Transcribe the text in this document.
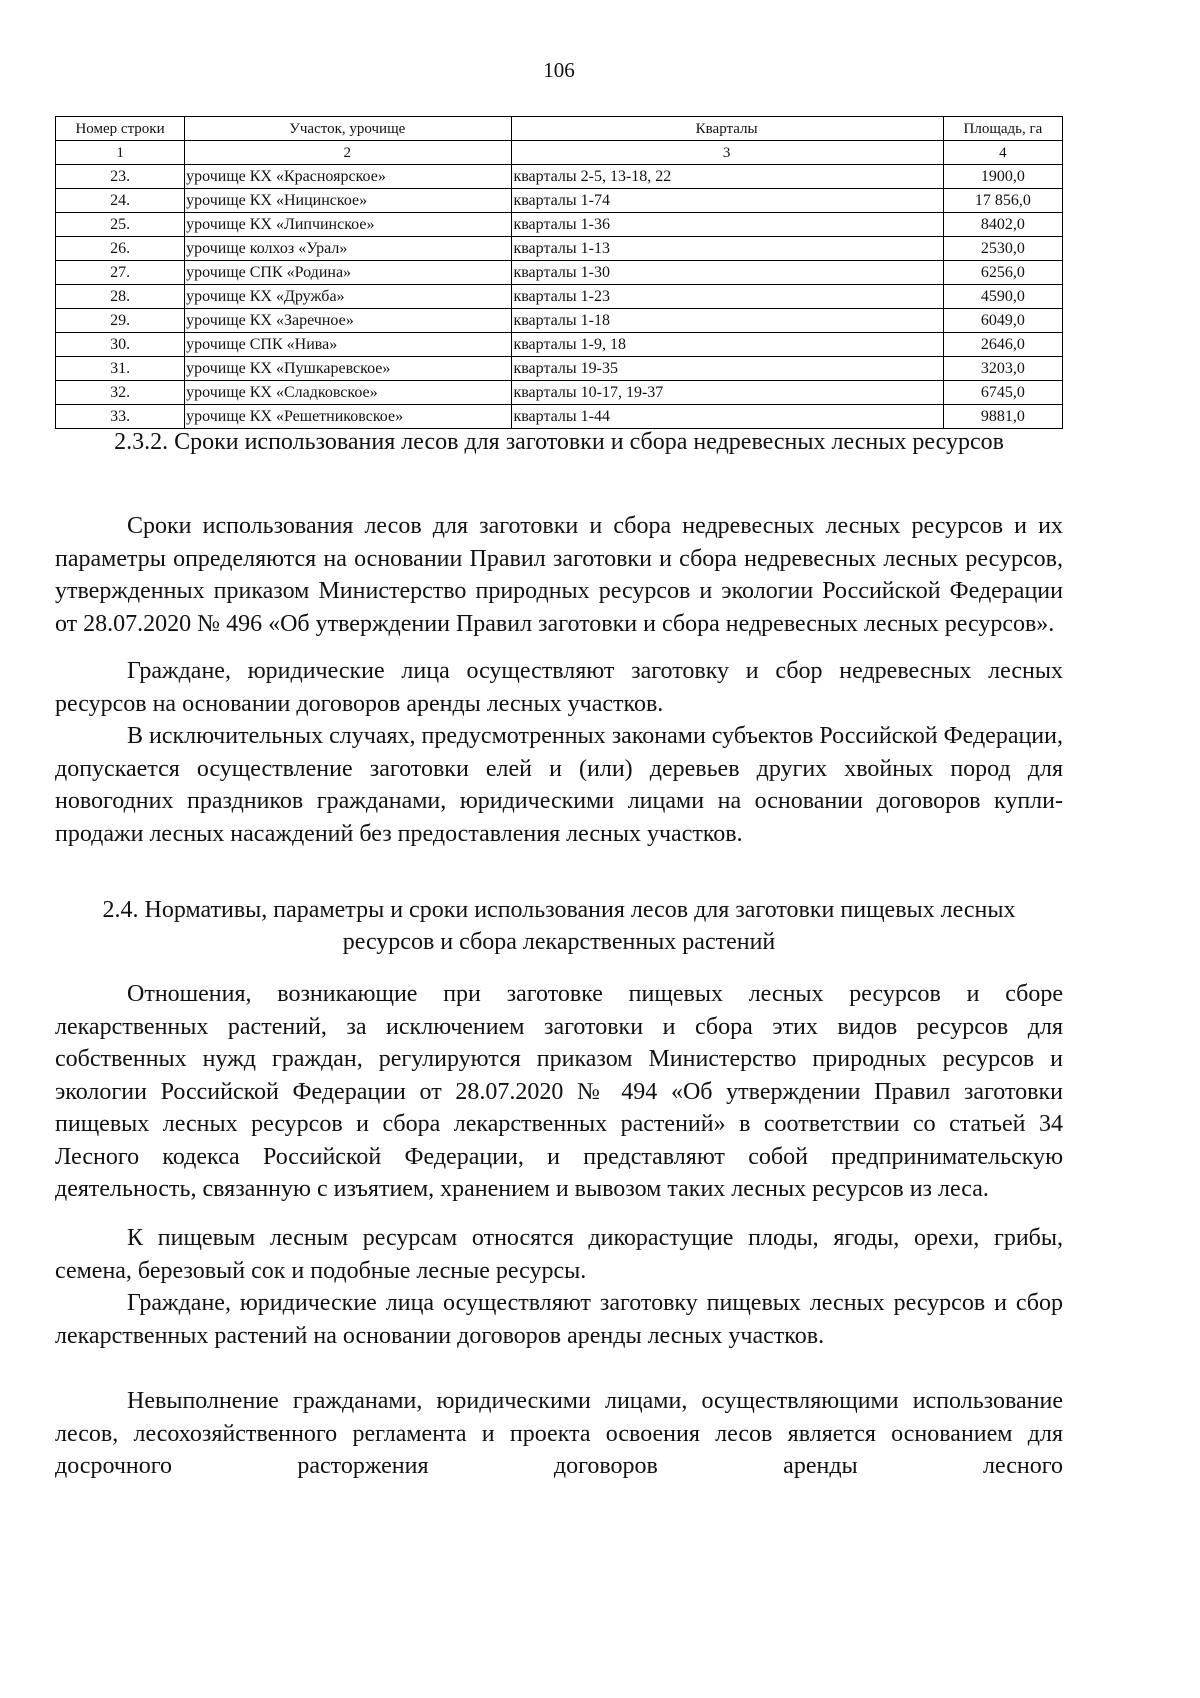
106
Номер строки	Участок, урочище	Кварталы	Площадь, га
1	2	3	4
23.	урочище КХ «Красноярское»	кварталы 2-5, 13-18, 22	1900,0
24.	урочище КХ «Ницинское»	кварталы 1-74	17 856,0
25.	урочище КХ «Липчинское»	кварталы 1-36	8402,0
26.	урочище колхоз «Урал»	кварталы 1-13	2530,0
27.	урочище СПК «Родина»	кварталы 1-30	6256,0
28.	урочище КХ «Дружба»	кварталы 1-23	4590,0
29.	урочище КХ «Заречное»	кварталы 1-18	6049,0
30.	урочище СПК «Нива»	кварталы 1-9, 18	2646,0
31.	урочище КХ «Пушкаревское»	кварталы 19-35	3203,0
32.	урочище КХ «Сладковское»	кварталы 10-17, 19-37	6745,0
33.	урочище КХ «Решетниковское»	кварталы 1-44	9881,0
2.3.2. Сроки использования лесов для заготовки и сбора недревесных лесных ресурсов
Сроки использования лесов для заготовки и сбора недревесных лесных ресурсов и их параметры определяются на основании Правил заготовки и сбора недревесных лесных ресурсов, утвержденных приказом Министерство природных ресурсов и экологии Российской Федерации от 28.07.2020 № 496 «Об утверждении Правил заготовки и сбора недревесных лесных ресурсов».
Граждане, юридические лица осуществляют заготовку и сбор недревесных лесных ресурсов на основании договоров аренды лесных участков.
В исключительных случаях, предусмотренных законами субъектов Российской Федерации, допускается осуществление заготовки елей и (или) деревьев других хвойных пород для новогодних праздников гражданами, юридическими лицами на основании договоров купли-продажи лесных насаждений без предоставления лесных участков.
2.4. Нормативы, параметры и сроки использования лесов для заготовки пищевых лесных ресурсов и сбора лекарственных растений
Отношения, возникающие при заготовке пищевых лесных ресурсов и сборе лекарственных растений, за исключением заготовки и сбора этих видов ресурсов для собственных нужд граждан, регулируются приказом Министерство природных ресурсов и экологии Российской Федерации от 28.07.2020 № 494 «Об утверждении Правил заготовки пищевых лесных ресурсов и сбора лекарственных растений» в соответствии со статьей 34 Лесного кодекса Российской Федерации, и представляют собой предпринимательскую деятельность, связанную с изъятием, хранением и вывозом таких лесных ресурсов из леса.
К пищевым лесным ресурсам относятся дикорастущие плоды, ягоды, орехи, грибы, семена, березовый сок и подобные лесные ресурсы.
Граждане, юридические лица осуществляют заготовку пищевых лесных ресурсов и сбор лекарственных растений на основании договоров аренды лесных участков.
Невыполнение гражданами, юридическими лицами, осуществляющими использование лесов, лесохозяйственного регламента и проекта освоения лесов является основанием для досрочного расторжения договоров аренды лесного
